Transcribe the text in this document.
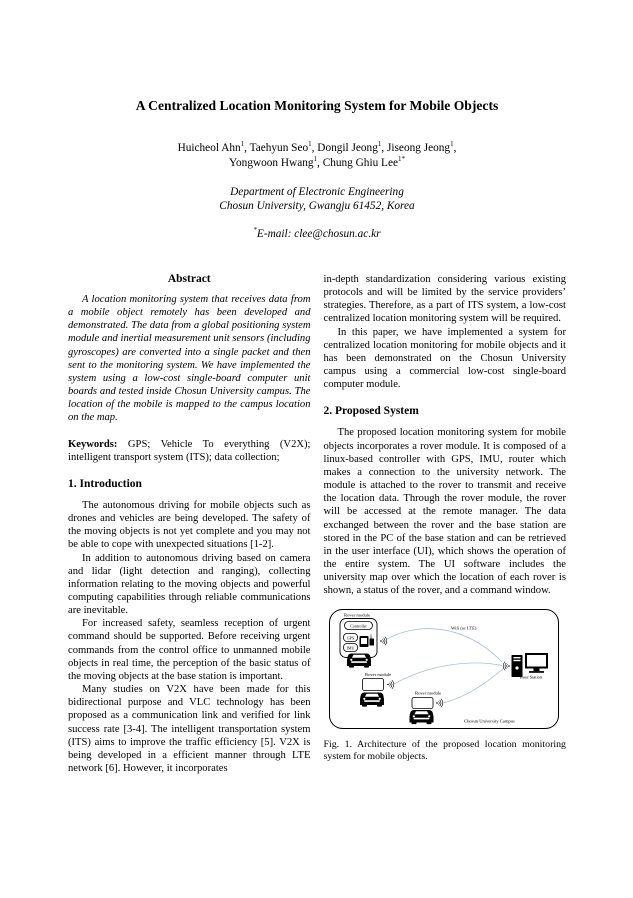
A Centralized Location Monitoring System for Mobile Objects
Huicheol Ahn$^1$, Taehyun Seo$^1$, Dongil Jeong$^1$, Jiseong Jeong$^1$,
Yongwoon Hwang$^1$, Chung Ghiu Lee$^{1*}$
Department of Electronic Engineering
Chosun University, Gwangju 61452, Korea
*E-mail: clee@chosun.ac.kr
Abstract

A location monitoring system that receives data from a mobile object remotely has been developed and demonstrated. The data from a global positioning system module and inertial measurement unit sensors (including gyroscopes) are converted into a single packet and then sent to the monitoring system. We have implemented the system using a low-cost single-board computer unit boards and tested inside Chosun University campus. The location of the mobile is mapped to the campus location on the map.

Keywords: GPS; Vehicle To everything (V2X); intelligent transport system (ITS); data collection;

1. Introduction

The autonomous driving for mobile objects such as drones and vehicles are being developed. The safety of the moving objects is not yet complete and you may not be able to cope with unexpected situations [1-2].

In addition to autonomous driving based on camera and lidar (light detection and ranging), collecting information relating to the moving objects and powerful computing capabilities through reliable communications are inevitable.

For increased safety, seamless reception of urgent command should be supported. Before receiving urgent commands from the control office to unmanned mobile objects in real time, the perception of the basic status of the moving objects at the base station is important.

Many studies on V2X have been made for this bidirectional purpose and VLC technology has been proposed as a communication link and verified for link success rate [3-4]. The intelligent transportation system (ITS) aims to improve the traffic efficiency [5]. V2X is being developed in a efficient manner through LTE network [6]. However, it incorporates

in-depth standardization considering various existing protocols and will be limited by the service providers’ strategies. Therefore, as a part of ITS system, a low-cost centralized location monitoring system will be required.

In this paper, we have implemented a system for centralized location monitoring for mobile objects and it has been demonstrated on the Chosun University campus using a commercial low-cost single-board computer module.

2. Proposed System

The proposed location monitoring system for mobile objects incorporates a rover module. It is composed of a linux-based controller with GPS, IMU, router which makes a connection to the university network. The module is attached to the rover to transmit and receive the location data. Through the rover module, the rover will be accessed at the remote manager. The data exchanged between the rover and the base station are stored in the PC of the base station and can be retrieved in the user interface (UI), which shows the operation of the entire system. The UI software includes the university map over which the location of each rover is shown, a status of the rover, and a command window.

Rover module
Controller
GPS
IMU
Rover module
Rover module
Wifi (or LTE)
Base Station
Chosun University Campus

Fig. 1. Architecture of the proposed location monitoring system for mobile objects.
